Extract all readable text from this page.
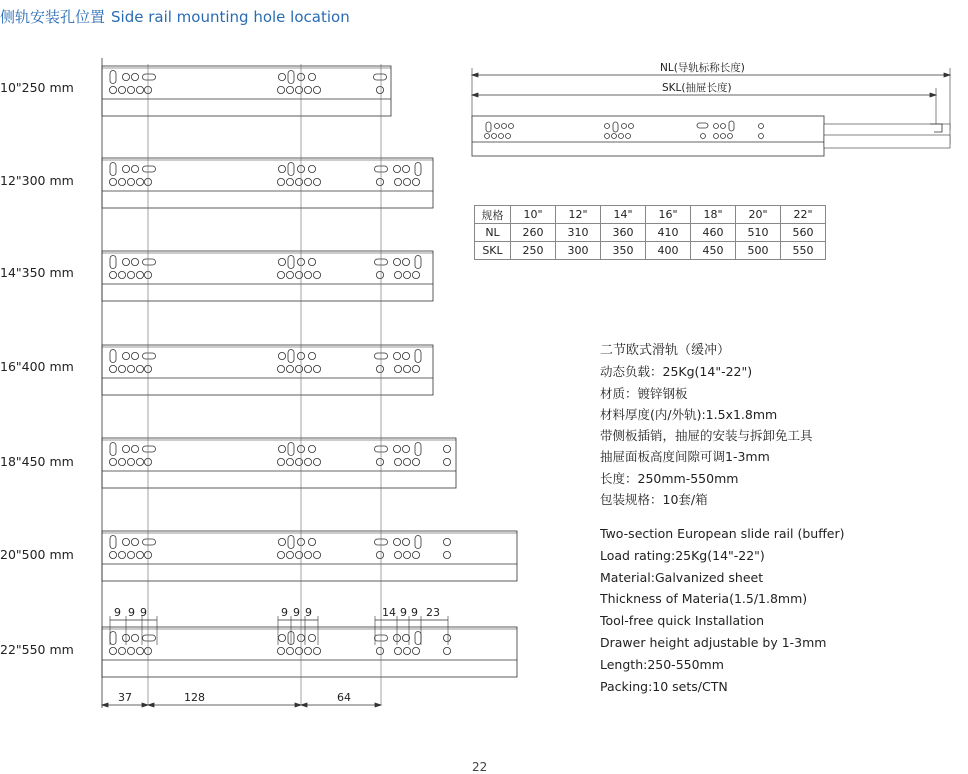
侧轨安装孔位置 Side rail mounting hole location
9 9 9	9 9 9	14 9 9 23
37	128	64
NL(导轨标称长度)
SKL(抽屉长度)
10"250 mm
12"300 mm
14"350 mm
16"400 mm
18"450 mm
20"500 mm
22"550 mm
规格	10"	12"	14"	16"	18"	20"	22"
NL	260	310	360	410	460	510	560
SKL	250	300	350	400	450	500	550
二节欧式滑轨（缓冲）
动态负载：25Kg(14"-22")
材质：镀锌钢板
材料厚度(内/外轨):1.5x1.8mm
带侧板插销，抽屉的安装与拆卸免工具
抽屉面板高度间隙可调1-3mm
长度：250mm-550mm
包装规格：10套/箱
Two-section European slide rail (buffer)
Load rating:25Kg(14"-22")
Material:Galvanized sheet
Thickness of Materia(1.5/1.8mm)
Tool-free quick Installation
Drawer height adjustable by 1-3mm
Length:250-550mm
Packing:10 sets/CTN
22
